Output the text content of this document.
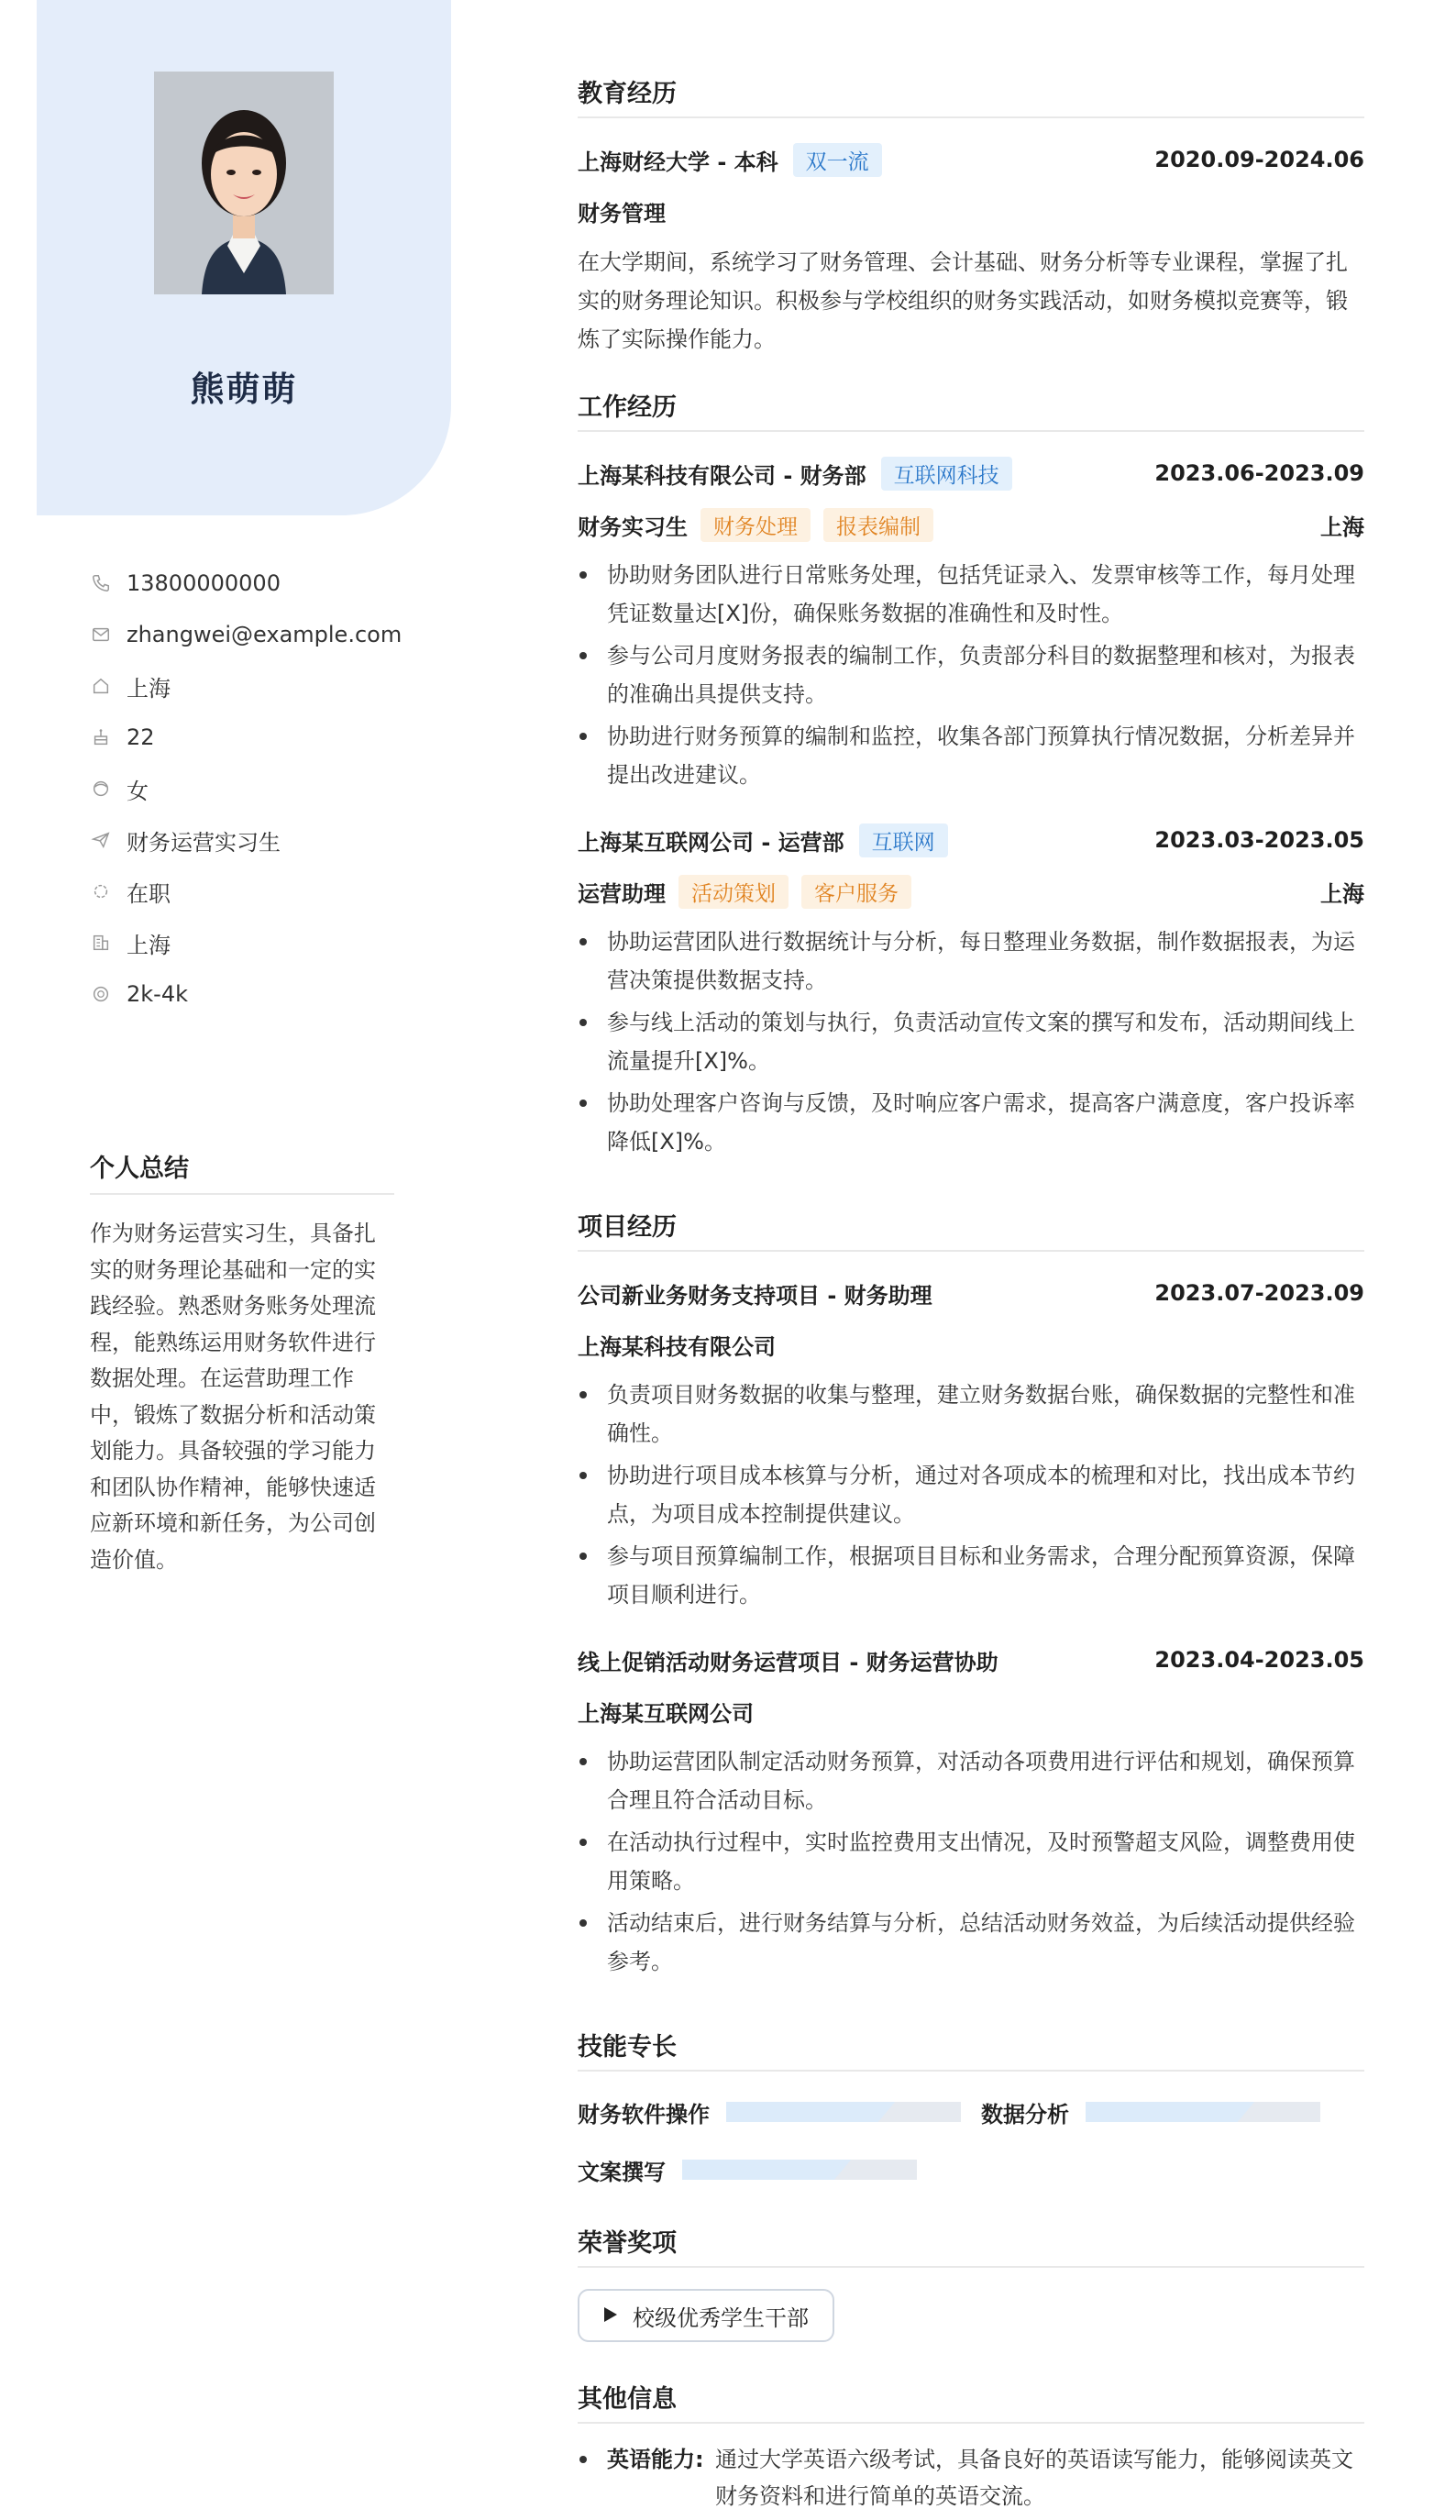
熊萌萌
13800000000
zhangwei@example.com
上海
22
女
财务运营实习生
在职
上海
2k-4k
个人总结
作为财务运营实习生，具备扎实的财务理论基础和一定的实践经验。熟悉财务账务处理流程，能熟练运用财务软件进行数据处理。在运营助理工作中，锻炼了数据分析和活动策划能力。具备较强的学习能力和团队协作精神，能够快速适应新环境和新任务，为公司创造价值。
教育经历
上海财经大学 - 本科	双一流	2020.09-2024.06
财务管理
在大学期间，系统学习了财务管理、会计基础、财务分析等专业课程，掌握了扎实的财务理论知识。积极参与学校组织的财务实践活动，如财务模拟竞赛等，锻炼了实际操作能力。
工作经历
上海某科技有限公司 - 财务部	互联网科技	2023.06-2023.09
财务实习生	财务处理	报表编制	上海
协助财务团队进行日常账务处理，包括凭证录入、发票审核等工作，每月处理凭证数量达[X]份，确保账务数据的准确性和及时性。
参与公司月度财务报表的编制工作，负责部分科目的数据整理和核对，为报表的准确出具提供支持。
协助进行财务预算的编制和监控，收集各部门预算执行情况数据，分析差异并提出改进建议。
上海某互联网公司 - 运营部	互联网	2023.03-2023.05
运营助理	活动策划	客户服务	上海
协助运营团队进行数据统计与分析，每日整理业务数据，制作数据报表，为运营决策提供数据支持。
参与线上活动的策划与执行，负责活动宣传文案的撰写和发布，活动期间线上流量提升[X]%。
协助处理客户咨询与反馈，及时响应客户需求，提高客户满意度，客户投诉率降低[X]%。
项目经历
公司新业务财务支持项目 - 财务助理	2023.07-2023.09
上海某科技有限公司
负责项目财务数据的收集与整理，建立财务数据台账，确保数据的完整性和准确性。
协助进行项目成本核算与分析，通过对各项成本的梳理和对比，找出成本节约点，为项目成本控制提供建议。
参与项目预算编制工作，根据项目目标和业务需求，合理分配预算资源，保障项目顺利进行。
线上促销活动财务运营项目 - 财务运营协助	2023.04-2023.05
上海某互联网公司
协助运营团队制定活动财务预算，对活动各项费用进行评估和规划，确保预算合理且符合活动目标。
在活动执行过程中，实时监控费用支出情况，及时预警超支风险，调整费用使用策略。
活动结束后，进行财务结算与分析，总结活动财务效益，为后续活动提供经验参考。
技能专长
财务软件操作	数据分析
文案撰写
荣誉奖项
校级优秀学生干部
其他信息
英语能力: 通过大学英语六级考试，具备良好的英语读写能力，能够阅读英文财务资料和进行简单的英语交流。
